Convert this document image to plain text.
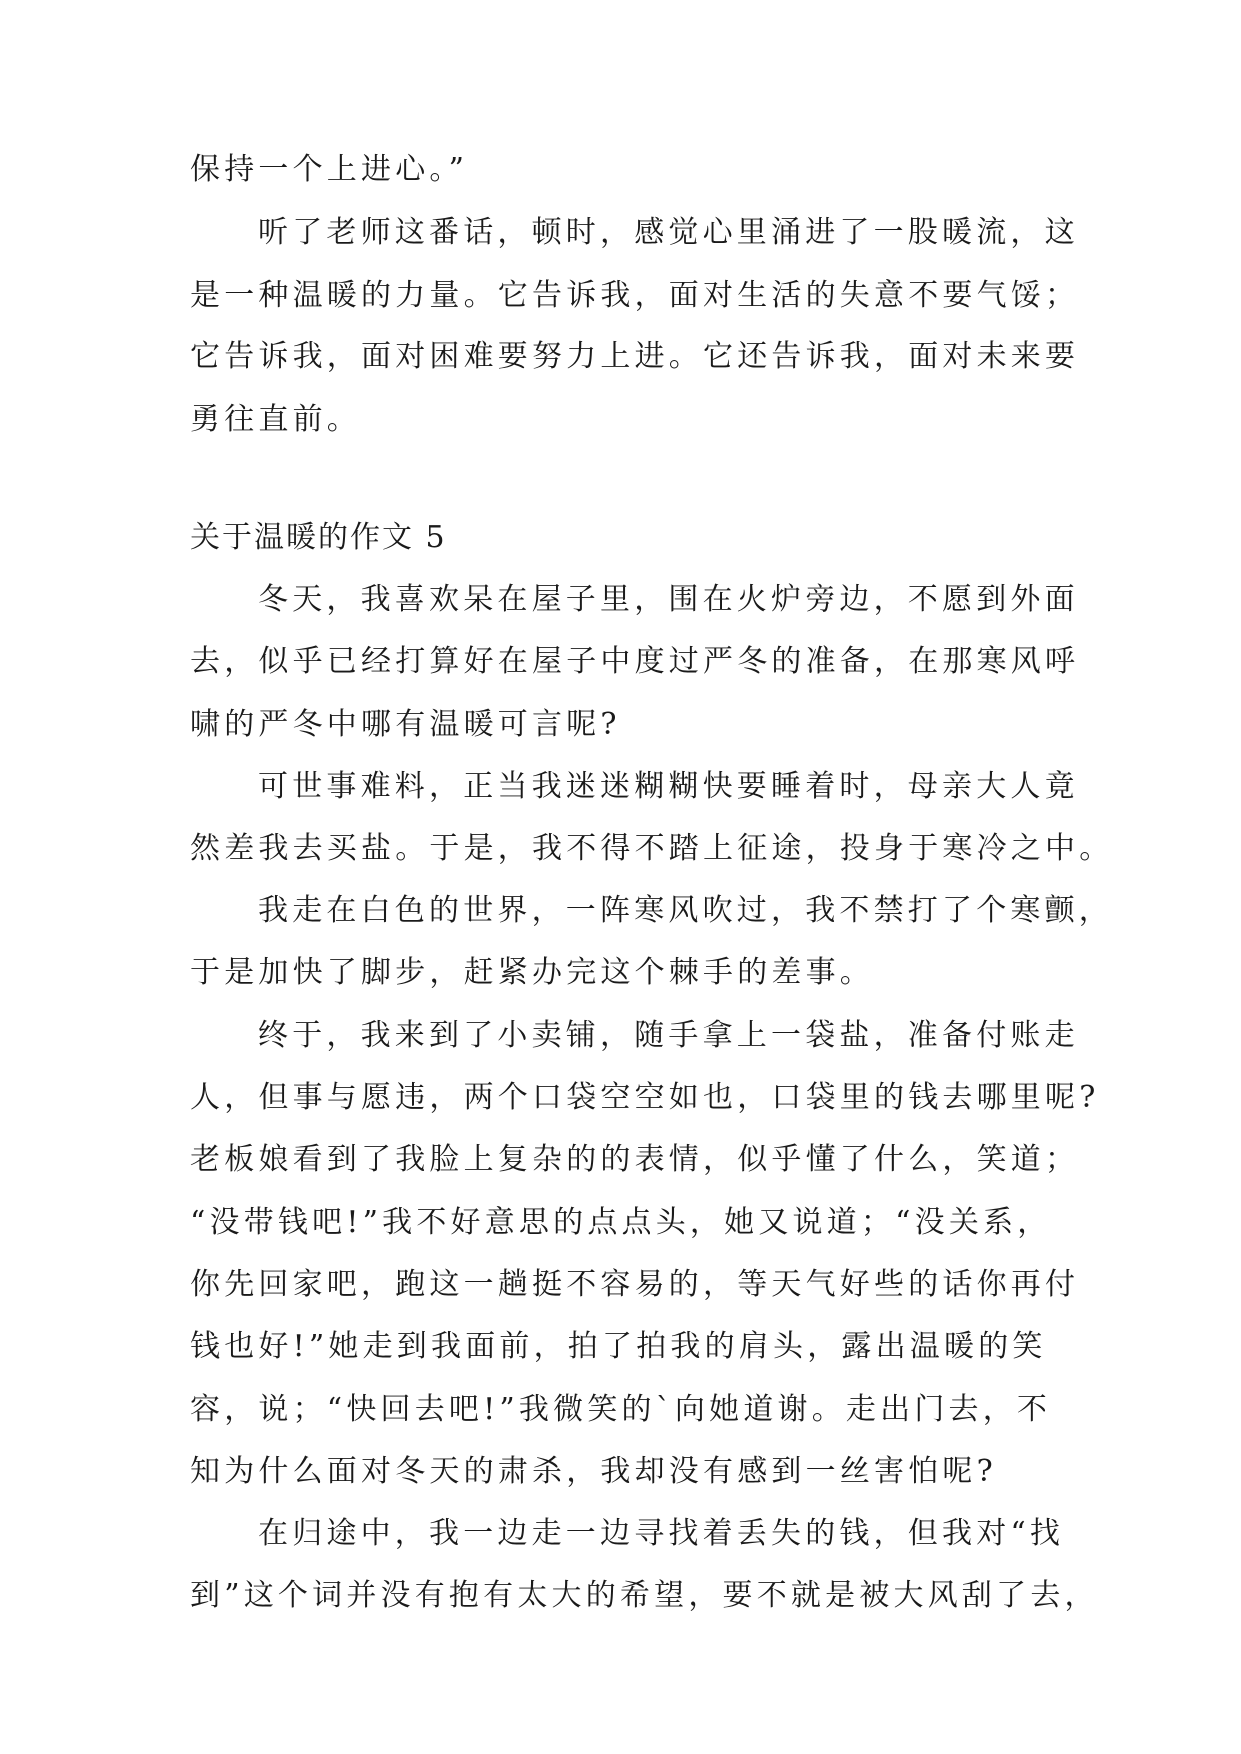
保持一个上进心。”

听了老师这番话，顿时，感觉心里涌进了一股暖流，这

是一种温暖的力量。它告诉我，面对生活的失意不要气馁；

它告诉我，面对困难要努力上进。它还告诉我，面对未来要

勇往直前。

关于温暖的作文 5

冬天，我喜欢呆在屋子里，围在火炉旁边，不愿到外面

去，似乎已经打算好在屋子中度过严冬的准备，在那寒风呼

啸的严冬中哪有温暖可言呢?

可世事难料，正当我迷迷糊糊快要睡着时，母亲大人竟

然差我去买盐。于是，我不得不踏上征途，投身于寒冷之中。

我走在白色的世界，一阵寒风吹过，我不禁打了个寒颤，

于是加快了脚步，赶紧办完这个棘手的差事。

终于，我来到了小卖铺，随手拿上一袋盐，准备付账走

人，但事与愿违，两个口袋空空如也，口袋里的钱去哪里呢?

老板娘看到了我脸上复杂的的表情，似乎懂了什么，笑道；

“没带钱吧!”我不好意思的点点头，她又说道；“没关系，

你先回家吧，跑这一趟挺不容易的，等天气好些的话你再付

钱也好!”她走到我面前，拍了拍我的肩头，露出温暖的笑

容，说；“快回去吧!”我微笑的`向她道谢。走出门去，不

知为什么面对冬天的肃杀，我却没有感到一丝害怕呢?

在归途中，我一边走一边寻找着丢失的钱，但我对“找

到”这个词并没有抱有太大的希望，要不就是被大风刮了去，
